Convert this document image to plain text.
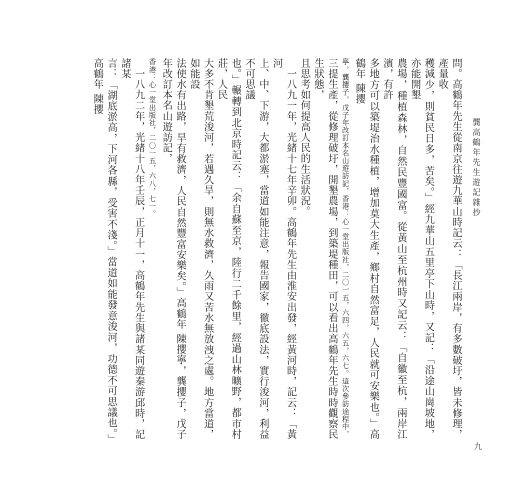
龔高鶴年先生遊記雜抄
九
問。高鶴年先生從南京往遊九華山時記云：「長江兩岸，有多數破圩，皆未修理，產量收
穫減少，則貧民日多，苦矣。」經九華山五里亭下山時，又記：「沿途山崗坡地，亦能開墾
農場，種植森林，自然民豐國富。從黃山至杭州時又記云：「自徽至杭，兩岸江濱，有許
多地方可以築堤治水種植，增加莫大生產，鄉村自然富足，人民就可安樂也。」高鶴年 陳攖
寧，龔攖子，戊子年改訂本名山遊訪記，香港：心一堂出版社，二〇一五，六四，六五，六七。這次參訪途程中，
三提生產，從修理破圩，開墾農場，到築堤種田，可以看出高鶴年先生時時觀察民生狀態，
且思考如何提高人民的生活狀況。
　一八九一年，光緒十七年辛卯。高鶴年先生由淮安出發，經黃河時，記云：「黃河
上、中、下游，大都淤塞，當道如能注意，報告國家，徹底設法，實行浚河，利益不可思議
也。」輾轉到北京時記云：「余自蘇至京，陸行二千餘里，經過山林曠野，都市村莊，人民
大多不肯墾荒浚河，若遇久旱，則無水救濟，久雨又苦水無放洩之處。地方當道，如能設
法使水有出路，旱有救濟，人民自然豐富安樂矣。」高鶴年 陳攖寧，龔攖子，戊子年改訂本名山遊訪記，
香港：心一堂出版社，二〇一五，六八，七一。
　一八九二年，光緒十八年壬辰，正月十一，高鶴年先生與諸某同遊秦游邱時，記諸某
言：「湖底淤高，下河各縣，受害不淺。」當道如能發意浚河，功德不可思議也。」高鶴年 陳攖
